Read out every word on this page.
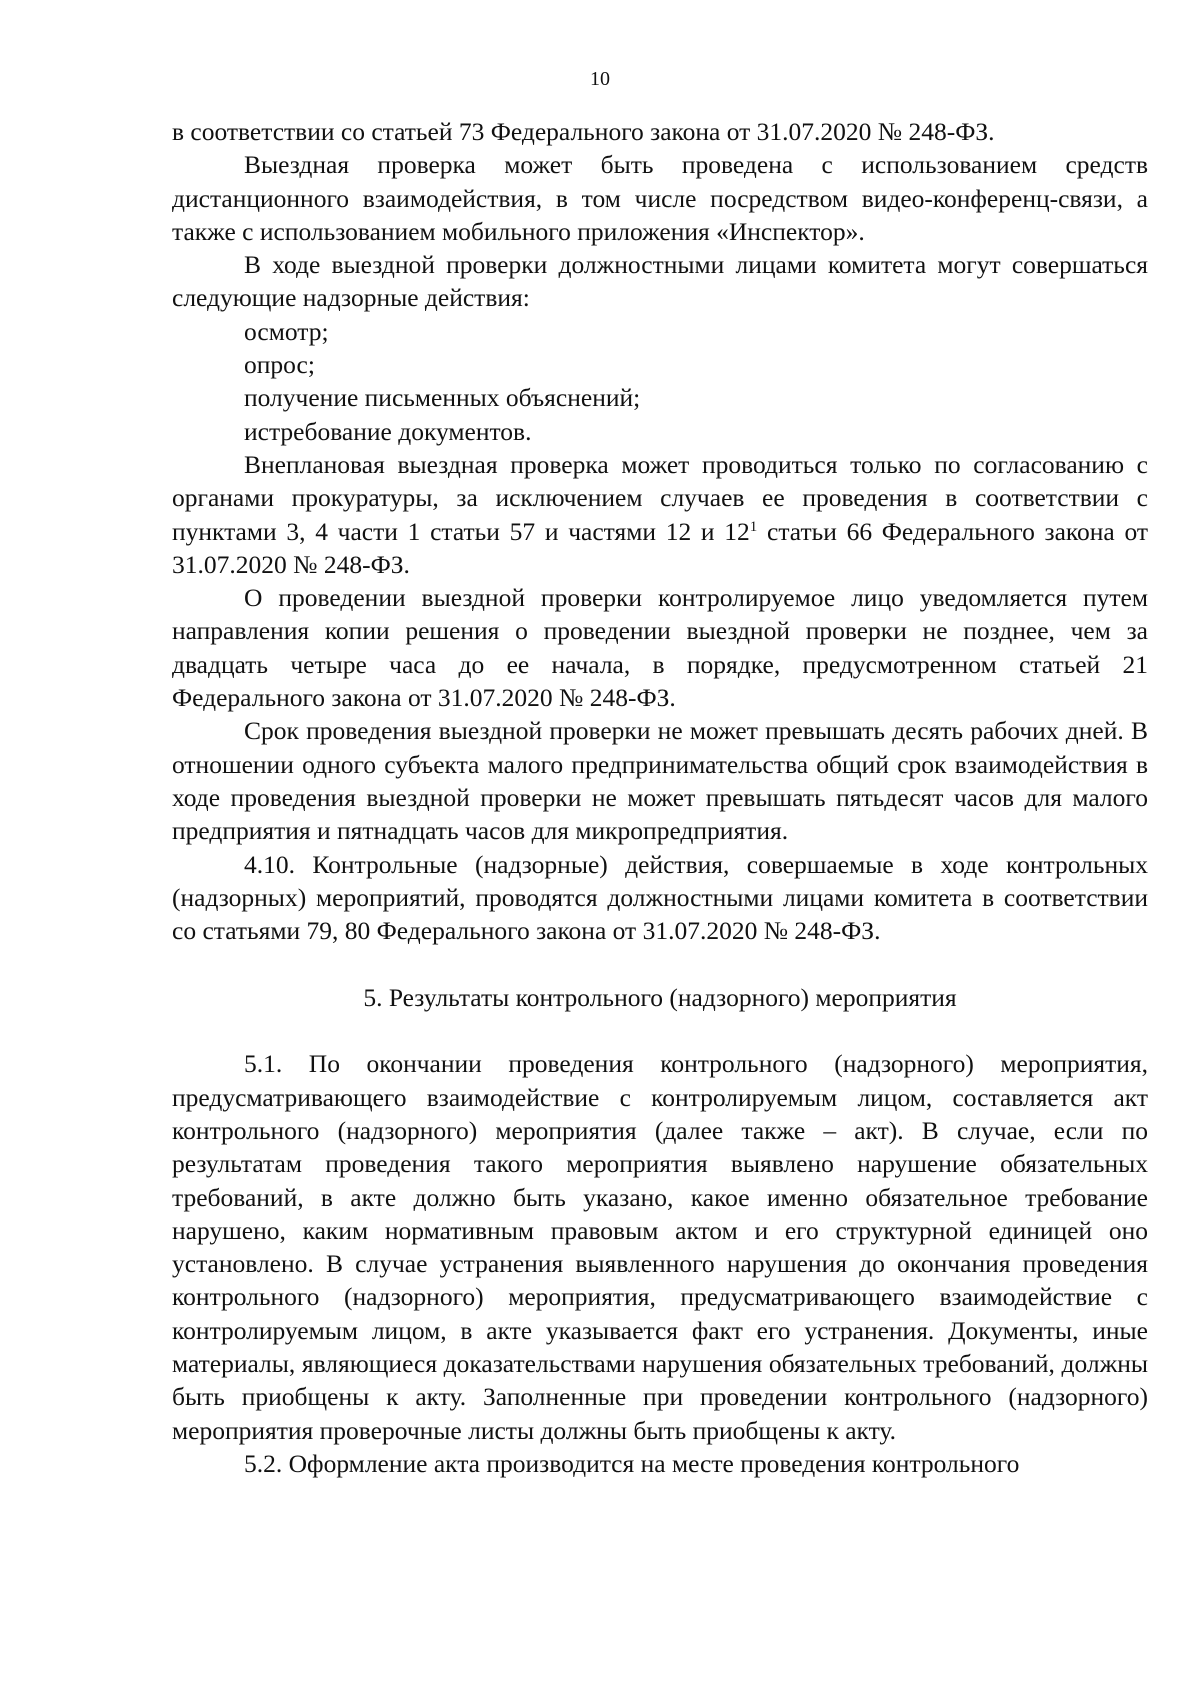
10

в соответствии со статьей 73 Федерального закона от 31.07.2020 № 248-ФЗ.

Выездная проверка может быть проведена с использованием средств дистанционного взаимодействия, в том числе посредством видео-конференц-связи, а также с использованием мобильного приложения «Инспектор».

В ходе выездной проверки должностными лицами комитета могут совершаться следующие надзорные действия:

осмотр;

опрос;

получение письменных объяснений;

истребование документов.

Внеплановая выездная проверка может проводиться только по согласованию с органами прокуратуры, за исключением случаев ее проведения в соответствии с пунктами 3, 4 части 1 статьи 57 и частями 12 и $12^1$ статьи 66 Федерального закона от 31.07.2020 № 248-ФЗ.

О проведении выездной проверки контролируемое лицо уведомляется путем направления копии решения о проведении выездной проверки не позднее, чем за двадцать четыре часа до ее начала, в порядке, предусмотренном статьей 21 Федерального закона от 31.07.2020 № 248-ФЗ.

Срок проведения выездной проверки не может превышать десять рабочих дней. В отношении одного субъекта малого предпринимательства общий срок взаимодействия в ходе проведения выездной проверки не может превышать пятьдесят часов для малого предприятия и пятнадцать часов для микропредприятия.

4.10. Контрольные (надзорные) действия, совершаемые в ходе контрольных (надзорных) мероприятий, проводятся должностными лицами комитета в соответствии со статьями 79, 80 Федерального закона от 31.07.2020 № 248-ФЗ.

5. Результаты контрольного (надзорного) мероприятия

5.1. По окончании проведения контрольного (надзорного) мероприятия, предусматривающего взаимодействие с контролируемым лицом, составляется акт контрольного (надзорного) мероприятия (далее также – акт). В случае, если по результатам проведения такого мероприятия выявлено нарушение обязательных требований, в акте должно быть указано, какое именно обязательное требование нарушено, каким нормативным правовым актом и его структурной единицей оно установлено. В случае устранения выявленного нарушения до окончания проведения контрольного (надзорного) мероприятия, предусматривающего взаимодействие с контролируемым лицом, в акте указывается факт его устранения. Документы, иные материалы, являющиеся доказательствами нарушения обязательных требований, должны быть приобщены к акту. Заполненные при проведении контрольного (надзорного) мероприятия проверочные листы должны быть приобщены к акту.

5.2. Оформление акта производится на месте проведения контрольного
